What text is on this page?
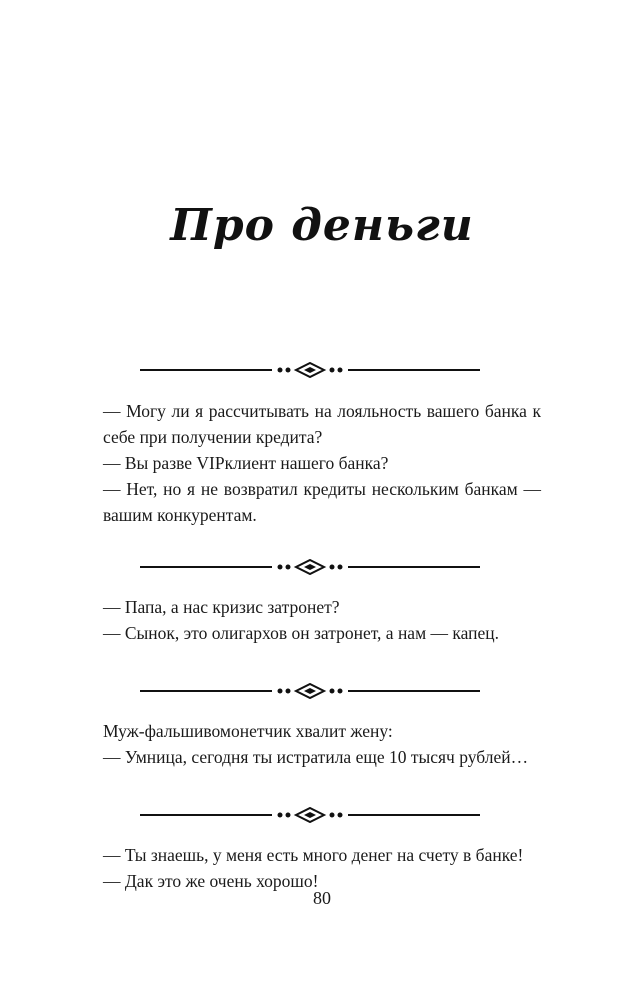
Про деньги

— Могу ли я рассчитывать на лояльность вашего банка к себе при получении кредита?

— Вы разве VIPклиент нашего банка?

— Нет, но я не возвратил кредиты нескольким банкам — вашим конкурентам.

— Папа, а нас кризис затронет?

— Сынок, это олигархов он затронет, а нам — капец.

Муж-фальшивомонетчик хвалит жену:

— Умница, сегодня ты истратила еще 10 тысяч рублей…

— Ты знаешь, у меня есть много денег на счету в банке!

— Дак это же очень хорошо!

80
